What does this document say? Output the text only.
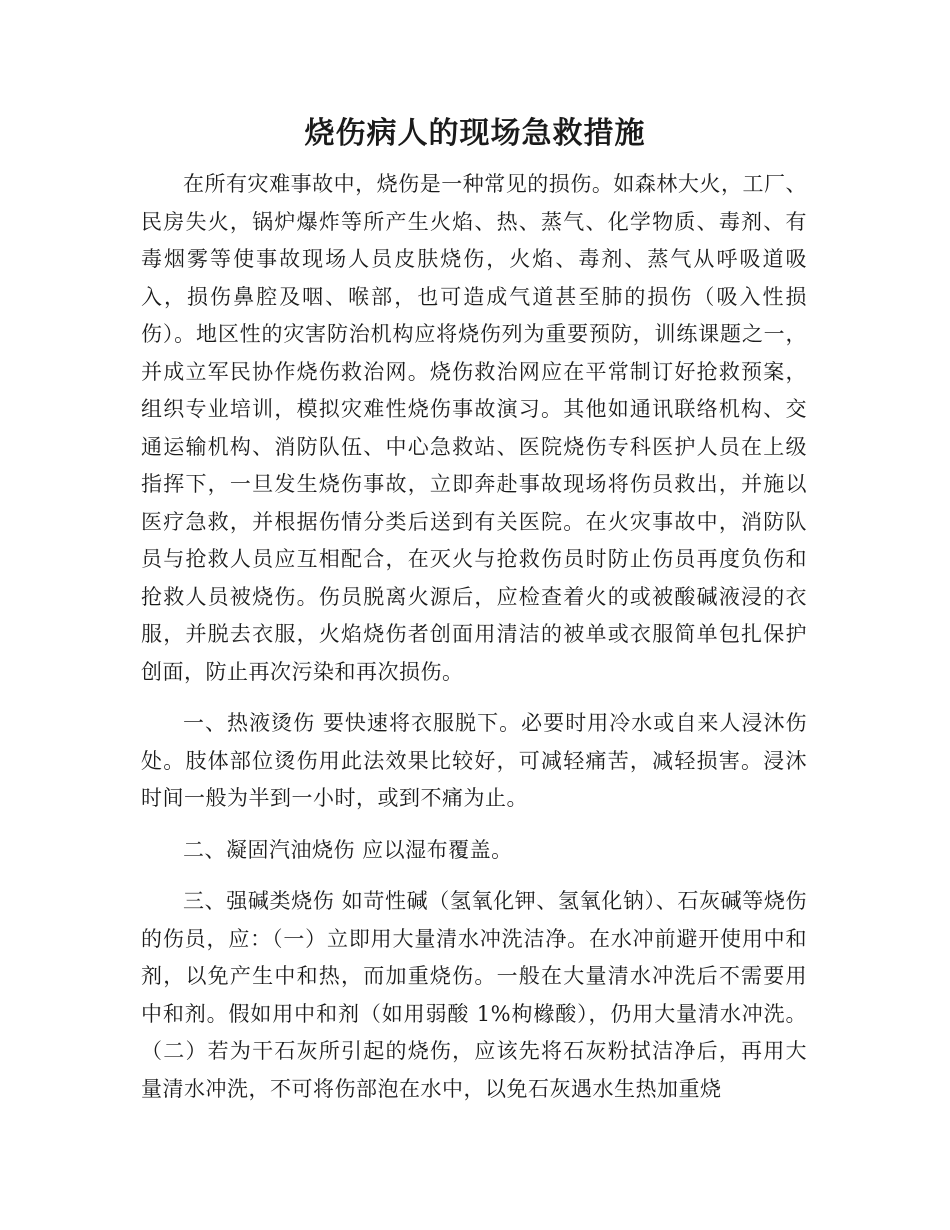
烧伤病人的现场急救措施

在所有灾难事故中，烧伤是一种常见的损伤。如森林大火，工厂、民房失火，锅炉爆炸等所产生火焰、热、蒸气、化学物质、毒剂、有毒烟雾等使事故现场人员皮肤烧伤，火焰、毒剂、蒸气从呼吸道吸入，损伤鼻腔及咽、喉部，也可造成气道甚至肺的损伤（吸入性损伤）。地区性的灾害防治机构应将烧伤列为重要预防，训练课题之一，并成立军民协作烧伤救治网。烧伤救治网应在平常制订好抢救预案，组织专业培训，模拟灾难性烧伤事故演习。其他如通讯联络机构、交通运输机构、消防队伍、中心急救站、医院烧伤专科医护人员在上级指挥下，一旦发生烧伤事故，立即奔赴事故现场将伤员救出，并施以医疗急救，并根据伤情分类后送到有关医院。在火灾事故中，消防队员与抢救人员应互相配合，在灭火与抢救伤员时防止伤员再度负伤和抢救人员被烧伤。伤员脱离火源后，应检查着火的或被酸碱液浸的衣服，并脱去衣服，火焰烧伤者创面用清洁的被单或衣服简单包扎保护创面，防止再次污染和再次损伤。

一、热液烫伤 要快速将衣服脱下。必要时用冷水或自来人浸沐伤处。肢体部位烫伤用此法效果比较好，可减轻痛苦，减轻损害。浸沐时间一般为半到一小时，或到不痛为止。

二、凝固汽油烧伤 应以湿布覆盖。

三、强碱类烧伤 如苛性碱（氢氧化钾、氢氧化钠）、石灰碱等烧伤的伤员，应：（一）立即用大量清水冲洗洁净。在水冲前避开使用中和剂，以免产生中和热，而加重烧伤。一般在大量清水冲洗后不需要用中和剂。假如用中和剂（如用弱酸 1%枸橼酸），仍用大量清水冲洗。（二）若为干石灰所引起的烧伤，应该先将石灰粉拭洁净后，再用大量清水冲洗，不可将伤部泡在水中，以免石灰遇水生热加重烧
